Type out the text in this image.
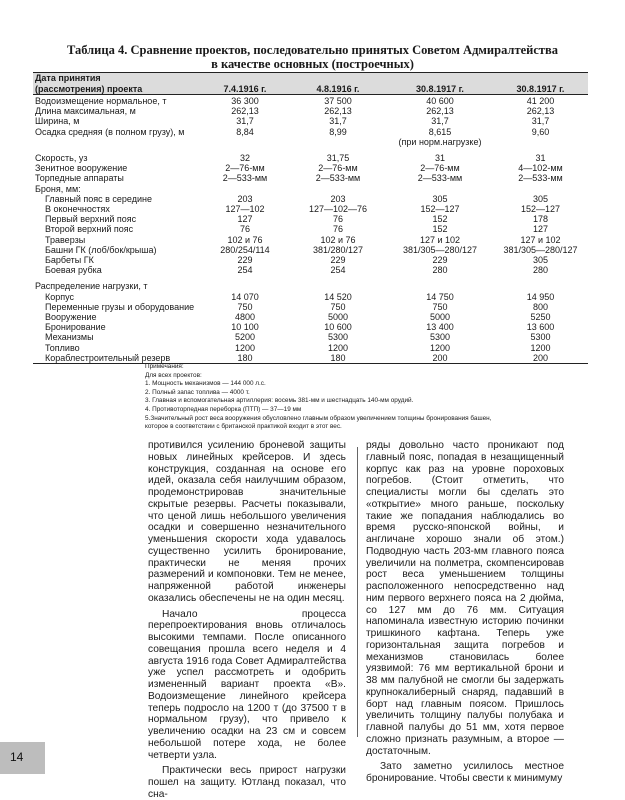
Таблица 4. Сравнение проектов, последовательно принятых Советом Адмиралтейства
в качестве основных (построечных)
Дата принятия
(рассмотрения) проекта	7.4.1916 г.	4.8.1916 г.	30.8.1917 г.	30.8.1917 г.
Водоизмещение нормальное, т	36 300	37 500	40 600	41 200
Длина максимальная, м	262,13	262,13	262,13	262,13
Ширина, м	31,7	31,7	31,7	31,7
Осадка средняя (в полном грузу), м	8,84	8,99	8,615	9,60
			(при норм.нагрузке)	

Скорость, уз	32	31,75	31	31
Зенитное вооружение	2—76-мм	2—76-мм	2—76-мм	4—102-мм
Торпедные аппараты	2—533-мм	2—533-мм	2—533-мм	2—533-мм
Броня, мм:				
Главный пояс в середине	203	203	305	305
В оконечностях	127—102	127—102—76	152—127	152—127
Первый верхний пояс	127	76	152	178
Второй верхний пояс	76	76	152	127
Траверзы	102 и 76	102 и 76	127 и 102	127 и 102
Башни ГК (лоб/бок/крыша)	280/254/114	381/280/127	381/305—280/127	381/305—280/127
Барбеты ГК	229	229	229	305
Боевая рубка	254	254	280	280

Распределение нагрузки, т				
Корпус	14 070	14 520	14 750	14 950
Переменные грузы и оборудование	750	750	750	800
Вооружение	4800	5000	5000	5250
Бронирование	10 100	10 600	13 400	13 600
Механизмы	5200	5300	5300	5300
Топливо	1200	1200	1200	1200
Кораблестроительный резерв	180	180	200	200

Примечания:

Для всех проектов:

1. Мощность механизмов — 144 000 л.с.

2. Полный запас топлива — 4000 т.

3. Главная и вспомогательная артиллерия: восемь 381-мм и шестнадцать 140-мм орудий.

4. Противоторпедная переборка (ПТП) — 37—19 мм

5.Значительный рост веса вооружения обусловлено главным образом увеличением толщины бронирования башен,

которое в соответствии с британской практикой входит в этот вес.

противился усилению броневой защиты новых линейных крейсеров. И здесь конструкция, созданная на основе его идей, оказала себя наилучшим образом, продемонстрировав значительные скрытые резервы. Расчеты показывали, что ценой лишь небольшого увеличения осадки и совершенно незначительного уменьшения скорости хода удавалось существенно усилить бронирование, практически не меняя прочих размерений и компоновки. Тем не менее, напряженной работой инженеры оказались обеспечены не на один месяц.

Начало процесса перепроектирования вновь отличалось высокими темпами. После описанного совещания прошла всего неделя и 4 августа 1916 года Совет Адмиралтейства уже успел рассмотреть и одобрить измененный вариант проекта «В». Водоизмещение линейного крейсера теперь подросло на 1200 т (до 37500 т в нормальном грузу), что привело к увеличению осадки на 23 см и совсем небольшой потере хода, не более четверти узла.

Практически весь прирост нагрузки пошел на защиту. Ютланд показал, что сна-

ряды довольно часто проникают под главный пояс, попадая в незащищенный корпус как раз на уровне пороховых погребов. (Стоит отметить, что специалисты могли бы сделать это «открытие» много раньше, поскольку такие же попадания наблюдались во время русско-японской войны, и англичане хорошо знали об этом.) Подводную часть 203-мм главного пояса увеличили на полметра, скомпенсировав рост веса уменьшением толщины расположенного непосредственно над ним первого верхнего пояса на 2 дюйма, со 127 мм до 76 мм. Ситуация напоминала известную историю починки тришкиного кафтана. Теперь уже горизонтальная защита погребов и механизмов становилась более уязвимой: 76 мм вертикальной брони и 38 мм палубной не смогли бы задержать крупнокалиберный снаряд, падавший в борт над главным поясом. Пришлось увеличить толщину палубы полубака и главной палубы до 51 мм, хотя первое сложно признать разумным, а второе — достаточным.

Зато заметно усилилось местное бронирование. Чтобы свести к минимуму

14
